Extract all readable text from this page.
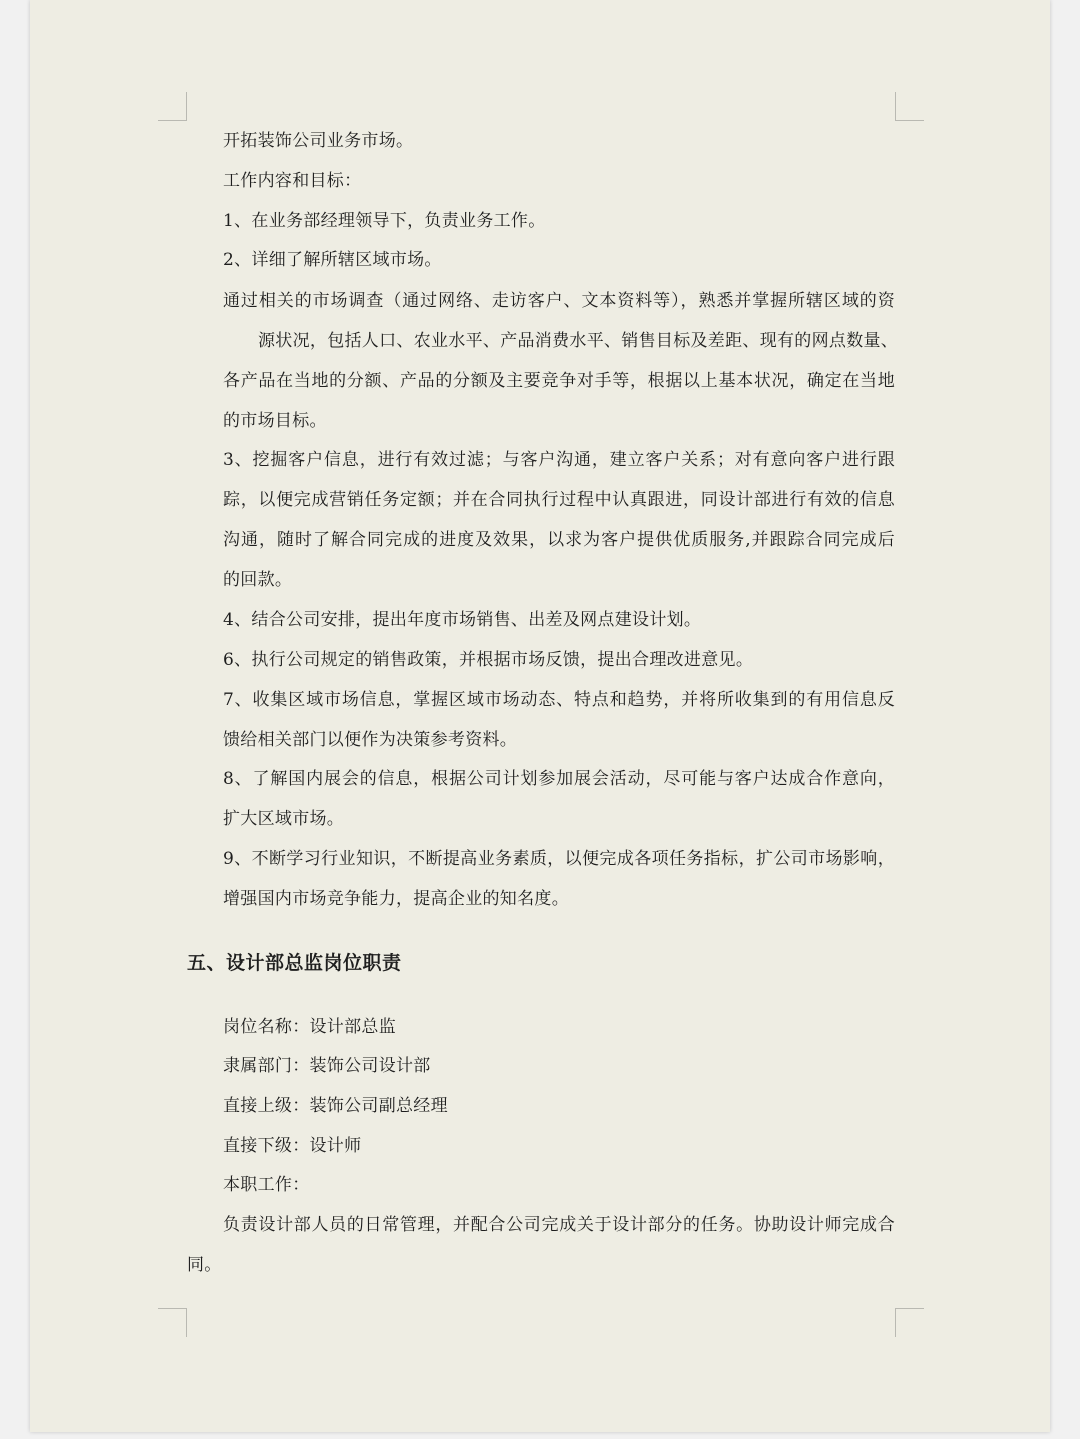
开拓装饰公司业务市场。
工作内容和目标：
1、在业务部经理领导下，负责业务工作。
2、详细了解所辖区域市场。
通过相关的市场调查（通过网络、走访客户、文本资料等），熟悉并掌握所辖区域的资
源状况，包括人口、农业水平、产品消费水平、销售目标及差距、现有的网点数量、
各产品在当地的分额、产品的分额及主要竞争对手等，根据以上基本状况，确定在当地
的市场目标。
3、挖掘客户信息，进行有效过滤；与客户沟通，建立客户关系；对有意向客户进行跟
踪，以便完成营销任务定额；并在合同执行过程中认真跟进，同设计部进行有效的信息
沟通，随时了解合同完成的进度及效果，以求为客户提供优质服务,并跟踪合同完成后
的回款。
4、结合公司安排，提出年度市场销售、出差及网点建设计划。
6、执行公司规定的销售政策，并根据市场反馈，提出合理改进意见。
7、收集区域市场信息，掌握区域市场动态、特点和趋势，并将所收集到的有用信息反
馈给相关部门以便作为决策参考资料。
8、了解国内展会的信息，根据公司计划参加展会活动，尽可能与客户达成合作意向，
扩大区域市场。
9、不断学习行业知识，不断提高业务素质，以便完成各项任务指标，扩公司市场影响，
增强国内市场竞争能力，提高企业的知名度。
五、设计部总监岗位职责
岗位名称：设计部总监
隶属部门：装饰公司设计部
直接上级：装饰公司副总经理
直接下级：设计师
本职工作：
负责设计部人员的日常管理，并配合公司完成关于设计部分的任务。协助设计师完成合
同。
